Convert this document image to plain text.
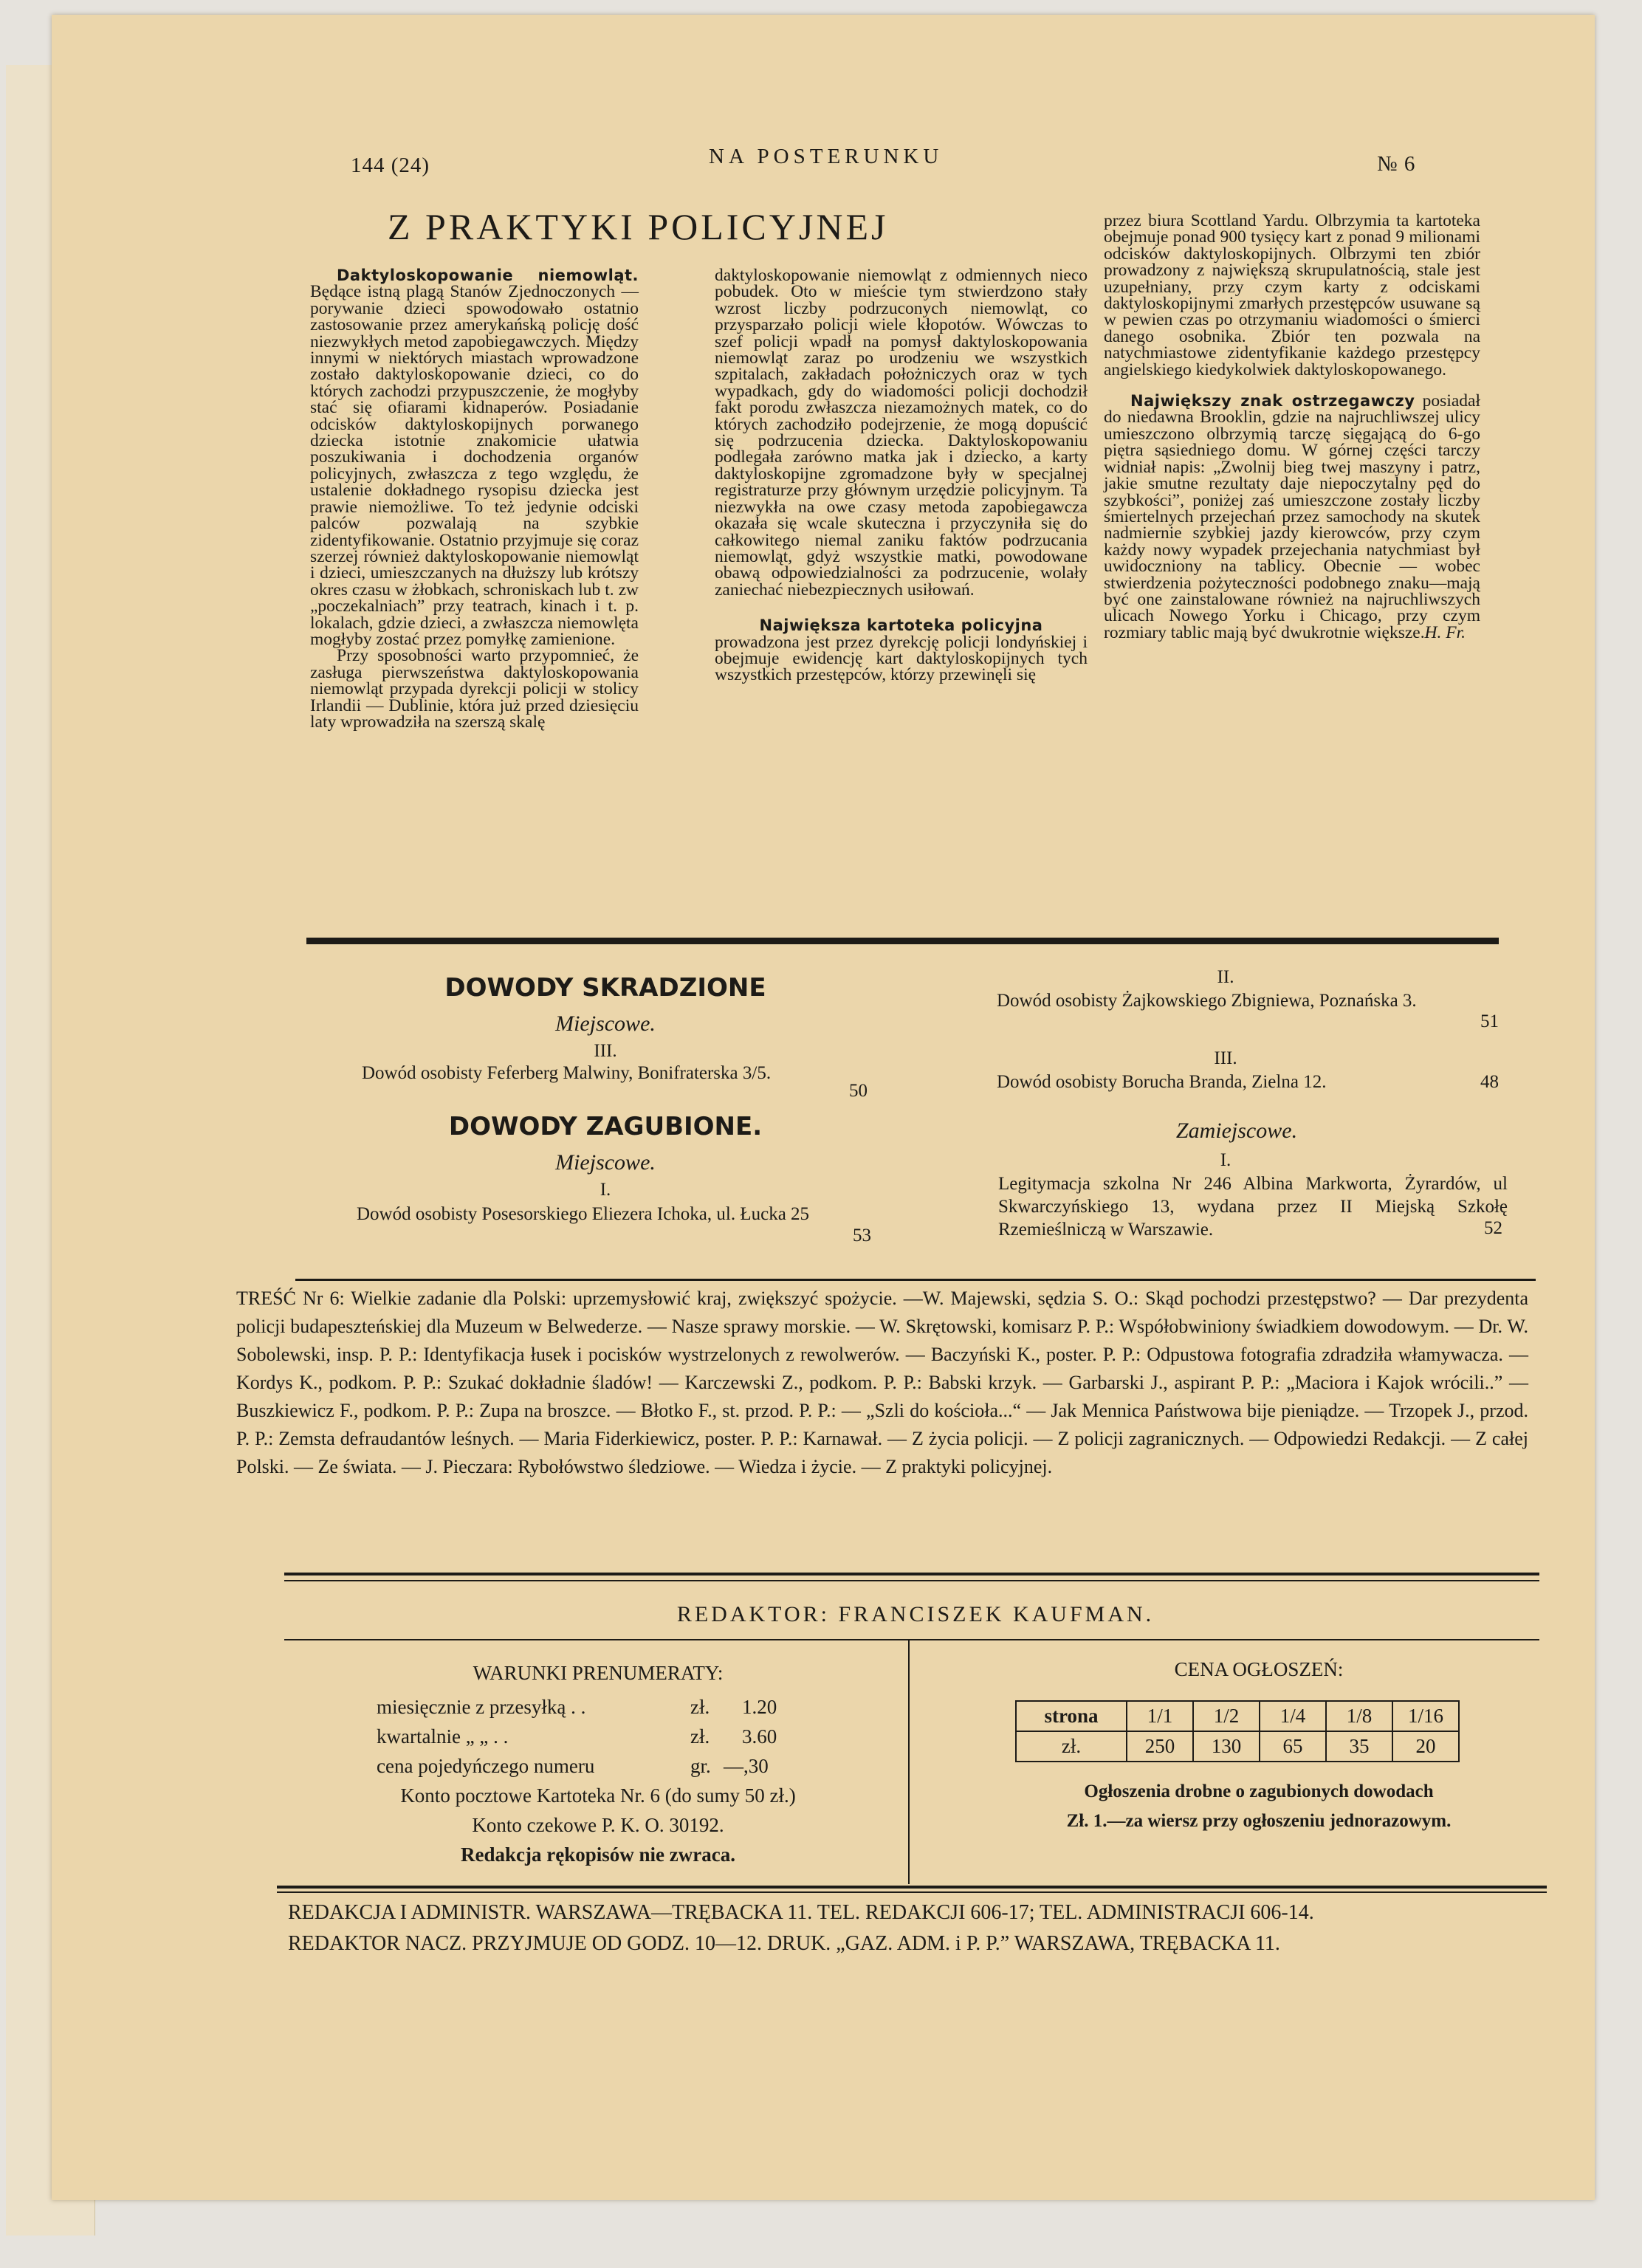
144 (24)	NA POSTERUNKU	№ 6
Z PRAKTYKI POLICYJNEJ

Daktyloskopowanie niemowląt. Będące istną plagą Stanów Zjednoczonych — porywanie dzieci spowodowało ostatnio zastosowanie przez amerykańską policję dość niezwykłych metod zapobiegawczych. Między innymi w niektórych miastach wprowadzone zostało daktyloskopowanie dzieci, co do których zachodzi przypuszczenie, że mogłyby stać się ofiarami kidnaperów. Posiadanie odcisków daktyloskopijnych porwanego dziecka istotnie znakomicie ułatwia poszukiwania i dochodzenia organów policyjnych, zwłaszcza z tego względu, że ustalenie dokładnego rysopisu dziecka jest prawie niemożliwe. To też jedynie odciski palców pozwalają na szybkie zidentyfikowanie. Ostatnio przyjmuje się coraz szerzej również daktyloskopowanie niemowląt i dzieci, umieszczanych na dłuższy lub krótszy okres czasu w żłobkach, schroniskach lub t. zw „poczekalniach” przy teatrach, kinach i t. p. lokalach, gdzie dzieci, a zwłaszcza niemowlęta mogłyby zostać przez pomyłkę zamienione.

Przy sposobności warto przypomnieć, że zasługa pierwszeństwa daktyloskopowania niemowląt przypada dyrekcji policji w stolicy Irlandii — Dublinie, która już przed dziesięciu laty wprowadziła na szerszą skalę

daktyloskopowanie niemowląt z odmiennych nieco pobudek. Oto w mieście tym stwierdzono stały wzrost liczby podrzuconych niemowląt, co przysparzało policji wiele kłopotów. Wówczas to szef policji wpadł na pomysł daktyloskopowania niemowląt zaraz po urodzeniu we wszystkich szpitalach, zakładach położniczych oraz w tych wypadkach, gdy do wiadomości policji dochodził fakt porodu zwłaszcza niezamożnych matek, co do których zachodziło podejrzenie, że mogą dopuścić się podrzucenia dziecka. Daktyloskopowaniu podlegała zarówno matka jak i dziecko, a karty daktyloskopijne zgromadzone były w specjalnej registraturze przy głównym urzędzie policyjnym. Ta niezwykła na owe czasy metoda zapobiegawcza okazała się wcale skuteczna i przyczyniła się do całkowitego niemal zaniku faktów podrzucania niemowląt, gdyż wszystkie matki, powodowane obawą odpowiedzialności za podrzucenie, wolały zaniechać niebezpiecznych usiłowań.

Największa kartoteka policyjna

prowadzona jest przez dyrekcję policji londyńskiej i obejmuje ewidencję kart daktyloskopijnych tych wszystkich przestępców, którzy przewinęli się

przez biura Scottland Yardu. Olbrzymia ta kartoteka obejmuje ponad 900 tysięcy kart z ponad 9 milionami odcisków daktyloskopijnych. Olbrzymi ten zbiór prowadzony z największą skrupulatnością, stale jest uzupełniany, przy czym karty z odciskami daktyloskopijnymi zmarłych przestępców usuwane są w pewien czas po otrzymaniu wiadomości o śmierci danego osobnika. Zbiór ten pozwala na natychmiastowe zidentyfikanie każdego przestępcy angielskiego kiedykolwiek daktyloskopowanego.

Największy znak ostrzegawczy posiadał do niedawna Brooklin, gdzie na najruchliwszej ulicy umieszczono olbrzymią tarczę sięgającą do 6-go piętra sąsiedniego domu. W górnej części tarczy widniał napis: „Zwolnij bieg twej maszyny i patrz, jakie smutne rezultaty daje niepoczytalny pęd do szybkości”, poniżej zaś umieszczone zostały liczby śmiertelnych przejechań przez samochody na skutek nadmiernie szybkiej jazdy kierowców, przy czym każdy nowy wypadek przejechania natychmiast był uwidoczniony na tablicy. Obecnie — wobec stwierdzenia pożyteczności podobnego znaku—mają być one zainstalowane również na najruchliwszych ulicach Nowego Yorku i Chicago, przy czym rozmiary tablic mają być dwukrotnie większe. H. Fr.
DOWODY SKRADZIONE
Miejscowe.
III.
Dowód osobisty Feferberg Malwiny, Bonifraterska 3/5.
50
DOWODY ZAGUBIONE.
Miejscowe.
I.
Dowód osobisty Posesorskiego Eliezera Ichoka, ul. Łucka 25
53
II.
Dowód osobisty Żajkowskiego Zbigniewa, Poznańska 3.
51
III.
Dowód osobisty Borucha Branda, Zielna 12.	48
Zamiejscowe.
I.
Legitymacja szkolna Nr 246 Albina Markworta, Żyrardów, ul Skwarczyńskiego 13, wydana przez II Miejską Szkołę Rzemieślniczą w Warszawie.	52
TREŚĆ Nr 6: Wielkie zadanie dla Polski: uprzemysłowić kraj, zwiększyć spożycie. —W. Majewski, sędzia S. O.: Skąd pochodzi przestępstwo? — Dar prezydenta policji budapeszteńskiej dla Muzeum w Belwederze. — Nasze sprawy morskie. — W. Skrętowski, komisarz P. P.: Współobwiniony świadkiem dowodowym. — Dr. W. Sobolewski, insp. P. P.: Identyfikacja łusek i pocisków wystrzelonych z rewolwerów. — Baczyński K., poster. P. P.: Odpustowa fotografia zdradziła włamywacza. — Kordys K., podkom. P. P.: Szukać dokładnie śladów! — Karczewski Z., podkom. P. P.: Babski krzyk. — Garbarski J., aspirant P. P.: „Maciora i Kajok wrócili..” — Buszkiewicz F., podkom. P. P.: Zupa na broszce. — Błotko F., st. przod. P. P.: — „Szli do kościoła...“ — Jak Mennica Państwowa bije pieniądze. — Trzopek J., przod. P. P.: Zemsta defraudantów leśnych. — Maria Fiderkiewicz, poster. P. P.: Karnawał. — Z życia policji. — Z policji zagranicznych. — Odpowiedzi Redakcji. — Z całej Polski. — Ze świata. — J. Pieczara: Rybołówstwo śledziowe. — Wiedza i życie. — Z praktyki policyjnej.
REDAKTOR: FRANCISZEK KAUFMAN.
WARUNKI PRENUMERATY:
miesięcznie z przesyłką . .	zł. 1.20
kwartalnie „ „ . .	zł. 3.60
cena pojedyńczego numeru	gr. —,30
Konto pocztowe Kartoteka Nr. 6 (do sumy 50 zł.)
Konto czekowe P. K. O. 30192.
Redakcja rękopisów nie zwraca.
CENA OGŁOSZEŃ:
strona	1/1	1/2	1/4	1/8	1/16
zł.	250	130	65	35	20
Ogłoszenia drobne o zagubionych dowodach
Zł. 1.—za wiersz przy ogłoszeniu jednorazowym.
REDAKCJA I ADMINISTR. WARSZAWA—TRĘBACKA 11. TEL. REDAKCJI 606-17; TEL. ADMINISTRACJI 606-14.
REDAKTOR NACZ. PRZYJMUJE OD GODZ. 10—12. DRUK. „GAZ. ADM. i P. P.” WARSZAWA, TRĘBACKA 11.
